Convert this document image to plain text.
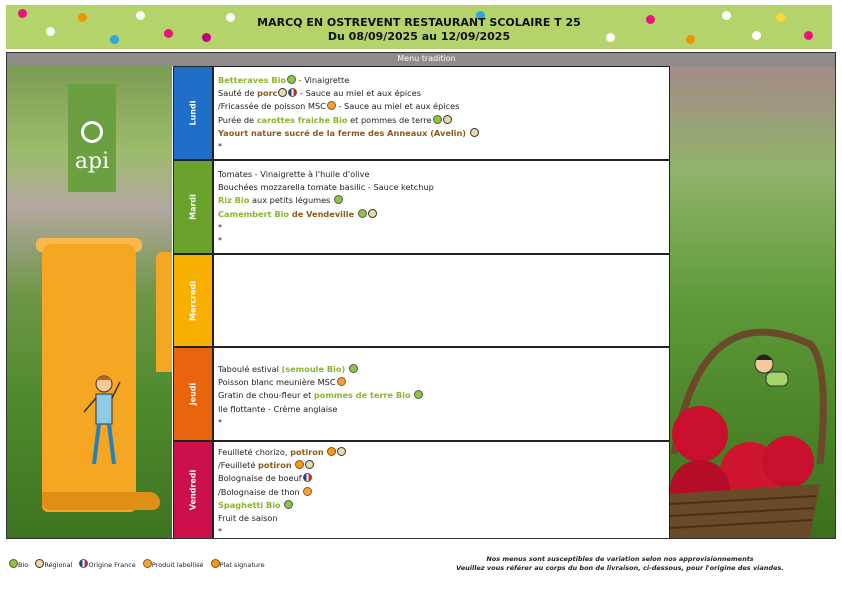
MARCQ EN OSTREVENT RESTAURANT SCOLAIRE T 25
Du 08/09/2025 au 12/09/2025
Menu tradition
api
Lundi
Mardi
Mercredi
Jeudi
Vendredi
Betteraves Bio - Vinaigrette
Sauté de porc - Sauce au miel et aux épices
/Fricassée de poisson MSC - Sauce au miel et aux épices
Purée de carottes fraiche Bio et pommes de terre
Yaourt nature sucré de la ferme des Anneaux (Avelin)
*
Tomates - Vinaigrette à l'huile d'olive
Bouchées mozzarella tomate basilic - Sauce ketchup
Riz Bio aux petits légumes
Camembert Bio de Vendeville
*
*
Taboulé estival (semoule Bio)
Poisson blanc meunière MSC
Gratin de chou-fleur et pommes de terre Bio
Ile flottante - Crème anglaise
*
Feuilleté chorizo, potiron
/Feuilleté potiron
Bolognaise de boeuf
/Bolognaise de thon
Spaghetti Bio
Fruit de saison
*
Bio Régional Origine France Produit labellisé Plat signature
Nos menus sont susceptibles de variation selon nos approvisionnements
Veuillez vous référer au corps du bon de livraison, ci-dessous, pour l'origine des viandes.
